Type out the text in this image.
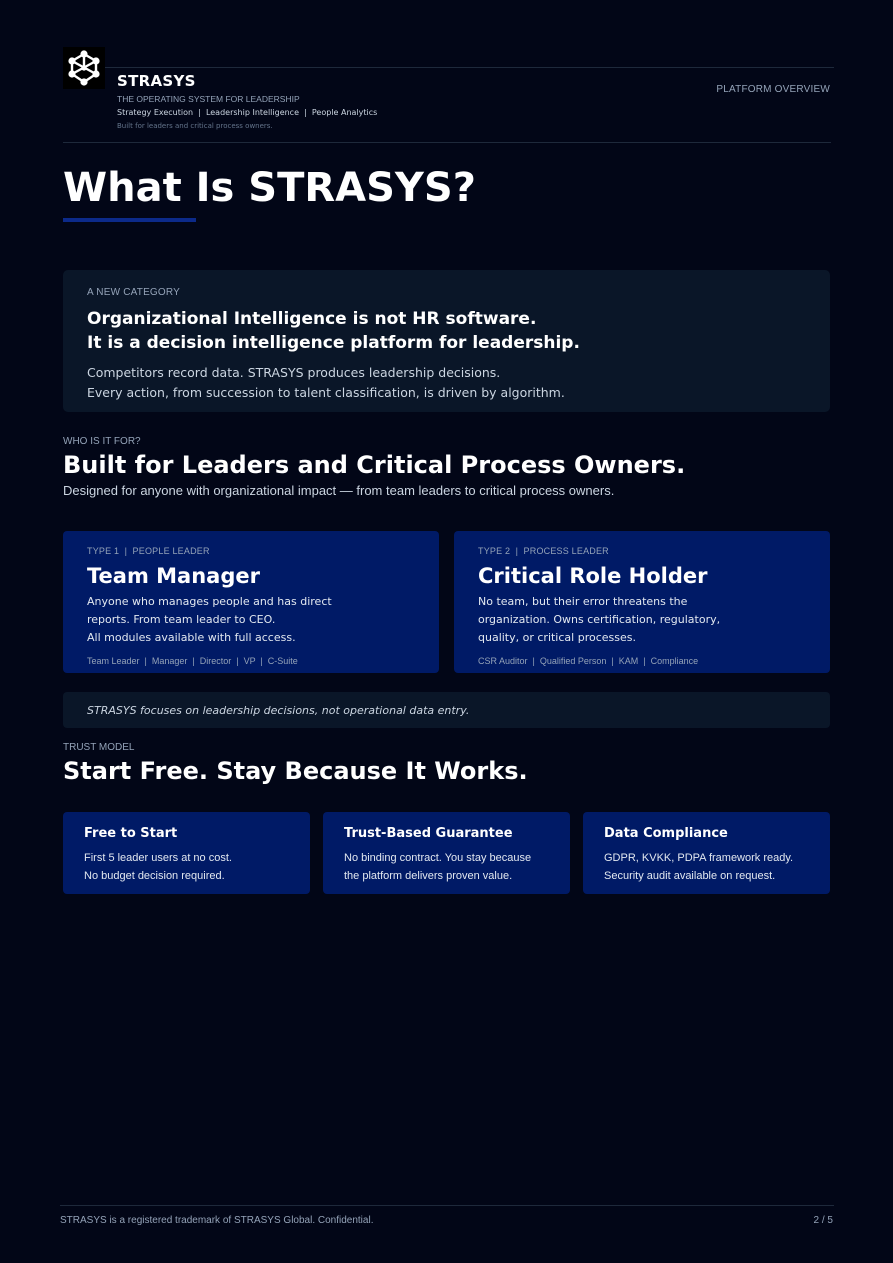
STRASYS
THE OPERATING SYSTEM FOR LEADERSHIP
Strategy Execution  |  Leadership Intelligence  |  People Analytics
Built for leaders and critical process owners.
PLATFORM OVERVIEW
What Is STRASYS?
A NEW CATEGORY
Organizational Intelligence is not HR software.
It is a decision intelligence platform for leadership.
Competitors record data. STRASYS produces leadership decisions.
Every action, from succession to talent classification, is driven by algorithm.
WHO IS IT FOR?
Built for Leaders and Critical Process Owners.
Designed for anyone with organizational impact — from team leaders to critical process owners.
TYPE 1  |  PEOPLE LEADER
Team Manager
Anyone who manages people and has direct
reports. From team leader to CEO.
All modules available with full access.
Team Leader  |  Manager  |  Director  |  VP  |  C-Suite
TYPE 2  |  PROCESS LEADER
Critical Role Holder
No team, but their error threatens the
organization. Owns certification, regulatory,
quality, or critical processes.
CSR Auditor  |  Qualified Person  |  KAM  |  Compliance
STRASYS focuses on leadership decisions, not operational data entry.
TRUST MODEL
Start Free. Stay Because It Works.
Free to Start
First 5 leader users at no cost.
No budget decision required.
Trust-Based Guarantee
No binding contract. You stay because
the platform delivers proven value.
Data Compliance
GDPR, KVKK, PDPA framework ready.
Security audit available on request.
STRASYS is a registered trademark of STRASYS Global. Confidential.	2 / 5
